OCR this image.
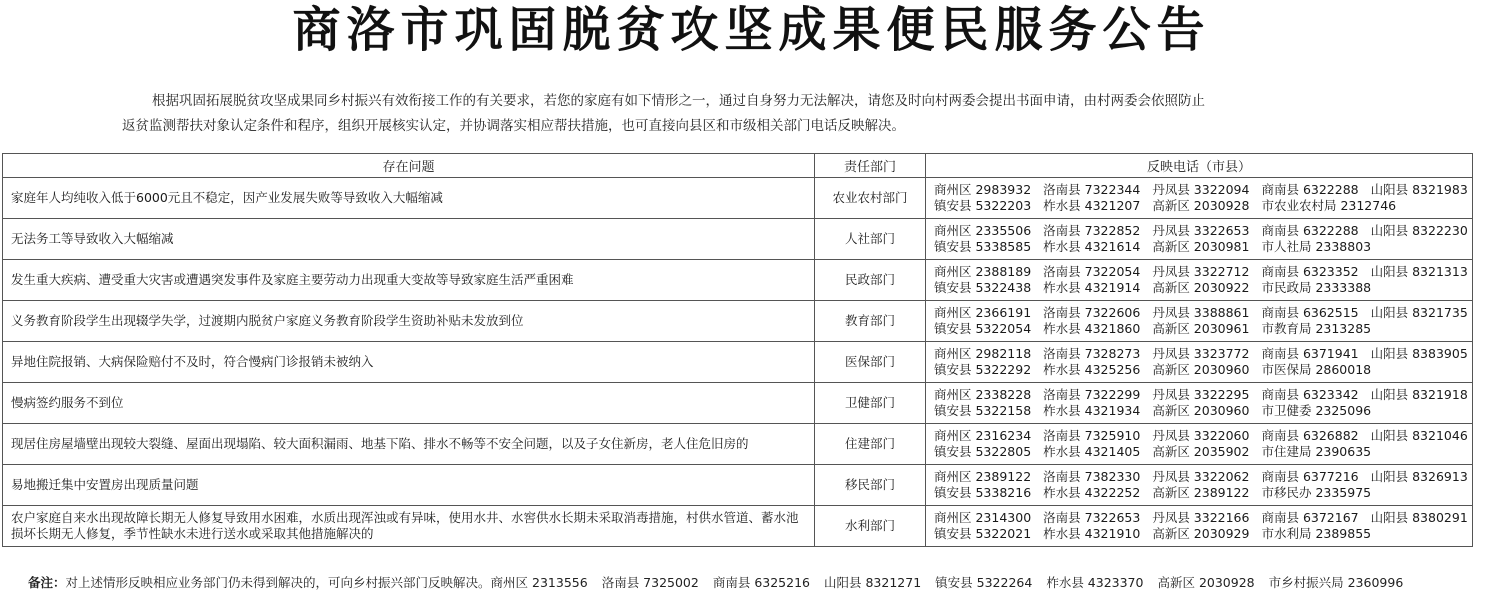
商洛市巩固脱贫攻坚成果便民服务公告
根据巩固拓展脱贫攻坚成果同乡村振兴有效衔接工作的有关要求，若您的家庭有如下情形之一，通过自身努力无法解决，请您及时向村两委会提出书面申请，由村两委会依照防止
返贫监测帮扶对象认定条件和程序，组织开展核实认定，并协调落实相应帮扶措施，也可直接向县区和市级相关部门电话反映解决。
存在问题	责任部门	反映电话（市县）
家庭年人均纯收入低于6000元且不稳定，因产业发展失败等导致收入大幅缩减	农业农村部门	商州区 2983932 洛南县 7322344 丹凤县 3322094 商南县 6322288 山阳县 8321983
镇安县 5322203 柞水县 4321207 高新区 2030928 市农业农村局 2312746

无法务工等导致收入大幅缩减	人社部门	商州区 2335506 洛南县 7322852 丹凤县 3322653 商南县 6322288 山阳县 8322230
镇安县 5338585 柞水县 4321614 高新区 2030981 市人社局 2338803

发生重大疾病、遭受重大灾害或遭遇突发事件及家庭主要劳动力出现重大变故等导致家庭生活严重困难	民政部门	商州区 2388189 洛南县 7322054 丹凤县 3322712 商南县 6323352 山阳县 8321313
镇安县 5322438 柞水县 4321914 高新区 2030922 市民政局 2333388

义务教育阶段学生出现辍学失学，过渡期内脱贫户家庭义务教育阶段学生资助补贴未发放到位	教育部门	商州区 2366191 洛南县 7322606 丹凤县 3388861 商南县 6362515 山阳县 8321735
镇安县 5322054 柞水县 4321860 高新区 2030961 市教育局 2313285

异地住院报销、大病保险赔付不及时，符合慢病门诊报销未被纳入	医保部门	商州区 2982118 洛南县 7328273 丹凤县 3323772 商南县 6371941 山阳县 8383905
镇安县 5322292 柞水县 4325256 高新区 2030960 市医保局 2860018

慢病签约服务不到位	卫健部门	商州区 2338228 洛南县 7322299 丹凤县 3322295 商南县 6323342 山阳县 8321918
镇安县 5322158 柞水县 4321934 高新区 2030960 市卫健委 2325096

现居住房屋墙壁出现较大裂缝、屋面出现塌陷、较大面积漏雨、地基下陷、排水不畅等不安全问题，以及子女住新房，老人住危旧房的	住建部门	商州区 2316234 洛南县 7325910 丹凤县 3322060 商南县 6326882 山阳县 8321046
镇安县 5322805 柞水县 4321405 高新区 2035902 市住建局 2390635

易地搬迁集中安置房出现质量问题	移民部门	商州区 2389122 洛南县 7382330 丹凤县 3322062 商南县 6377216 山阳县 8326913
镇安县 5338216 柞水县 4322252 高新区 2389122 市移民办 2335975

农户家庭自来水出现故障长期无人修复导致用水困难，水质出现浑浊或有异味，使用水井、水窖供水长期未采取消毒措施，村供水管道、蓄水池损坏长期无人修复，季节性缺水未进行送水或采取其他措施解决的	水利部门	商州区 2314300 洛南县 7322653 丹凤县 3322166 商南县 6372167 山阳县 8380291
镇安县 5322021 柞水县 4321910 高新区 2030929 市水利局 2389855
备注：对上述情形反映相应业务部门仍未得到解决的，可向乡村振兴部门反映解决。商州区 2313556 洛南县 7325002 商南县 6325216 山阳县 8321271 镇安县 5322264 柞水县 4323370 高新区 2030928 市乡村振兴局 2360996
